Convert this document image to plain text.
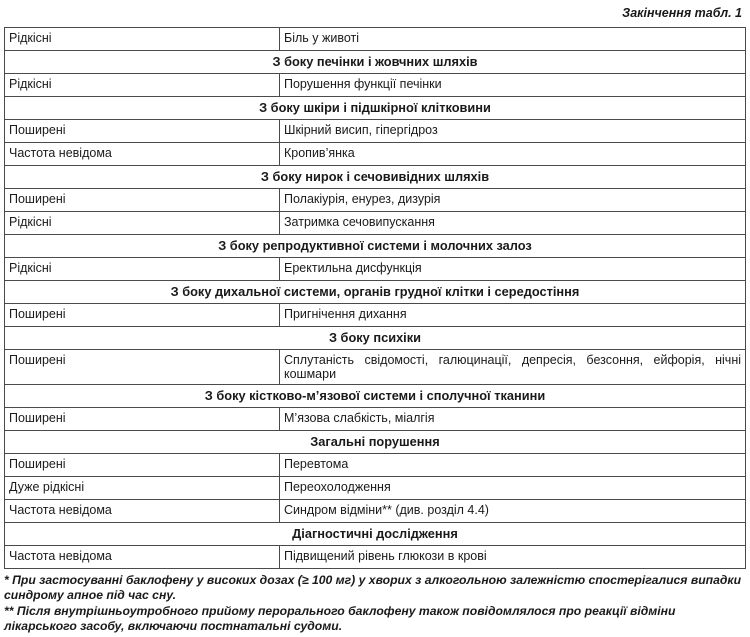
Закінчення табл. 1
Рідкісні	Біль у животі
З боку печінки і жовчних шляхів	
Рідкісні	Порушення функції печінки
З боку шкіри і підшкірної клітковини	
Поширені	Шкірний висип, гіпергідроз
Частота невідома	Кропив’янка
З боку нирок і сечовивідних шляхів	
Поширені	Полакіурія, енурез, дизурія
Рідкісні	Затримка сечовипускання
З боку репродуктивної системи і молочних залоз	
Рідкісні	Еректильна дисфункція
З боку дихальної системи, органів грудної клітки і середостіння	
Поширені	Пригнічення дихання
З боку психіки	
Поширені	Сплутаність свідомості, галюцинації, депресія, безсоння, ейфорія, нічні кошмари
З боку кістково-м’язової системи і сполучної тканини	
Поширені	М’язова слабкість, міалгія
Загальні порушення	
Поширені	Перевтома
Дуже рідкісні	Переохолодження
Частота невідома	Синдром відміни** (див. розділ 4.4)
Діагностичні дослідження	
Частота невідома	Підвищений рівень глюкози в крові

* При застосуванні баклофену у високих дозах (≥ 100 мг) у хворих з алкогольною залежністю спостерігалися випадки синдрому апное під час сну.

** Після внутрішньоутробного прийому перорального баклофену також повідомлялося про реакції відміни лікарського засобу, включаючи постнатальні судоми.
